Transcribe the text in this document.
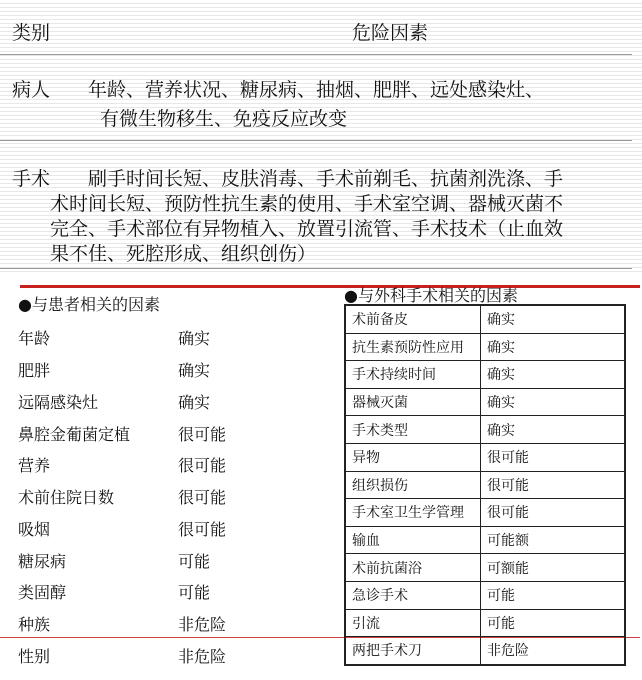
类别	危险因素
病人 年龄、营养状况、糖尿病、抽烟、肥胖、远处感染灶、
有微生物移生、免疫反应改变
手术 刷手时间长短、皮肤消毒、手术前剃毛、抗菌剂洗涤、手
术时间长短、预防性抗生素的使用、手术室空调、器械灭菌不
完全、手术部位有异物植入、放置引流管、手术技术（止血效
果不佳、死腔形成、组织创伤）
●与患者相关的因素	●与外科手术相关的因素
年龄	确实
肥胖	确实
远隔感染灶	确实
鼻腔金葡菌定植	很可能
营养	很可能
术前住院日数	很可能
吸烟	很可能
糖尿病	可能
类固醇	可能
种族	非危险
性别	非危险
术前备皮	确实
抗生素预防性应用	确实
手术持续时间	确实
器械灭菌	确实
手术类型	确实
异物	很可能
组织损伤	很可能
手术室卫生学管理	很可能
输血	可能额
术前抗菌浴	可额能
急诊手术	可能
引流	可能
两把手术刀	非危险
